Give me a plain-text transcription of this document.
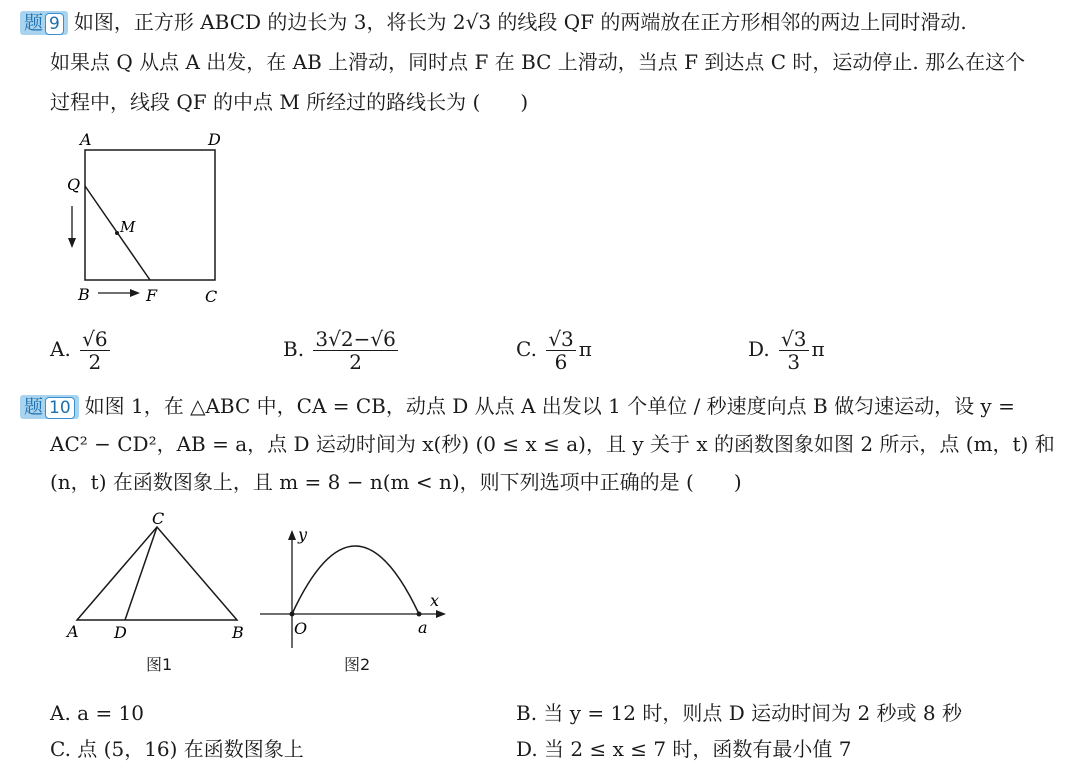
题 9 如图，正方形 ABCD 的边长为 3，将长为 2√3 的线段 QF 的两端放在正方形相邻的两边上同时滑动.
如果点 Q 从点 A 出发，在 AB 上滑动，同时点 F 在 BC 上滑动，当点 F 到达点 C 时，运动停止. 那么在这个
过程中，线段 QF 的中点 M 所经过的路线长为 (　　)
A	D
Q
M
B	F	C
A. $\frac{√6}{2}$	B. $\frac{3√2-√6}{2}$	C. $\frac{√3}{6}$ π	D. $\frac{√3}{3}$ π
题 10 如图 1，在 △ABC 中，CA = CB，动点 D 从点 A 出发以 1 个单位 / 秒速度向点 B 做匀速运动，设 y =
AC² − CD²，AB = a，点 D 运动时间为 x(秒) (0 ≤ x ≤ a)，且 y 关于 x 的函数图象如图 2 所示，点 (m，t) 和
(n，t) 在函数图象上，且 m = 8 − n(m < n)，则下列选项中正确的是 (　　)
C
A D	B
图1
y
x
O	a
图2
A. a = 10	B. 当 y = 12 时，则点 D 运动时间为 2 秒或 8 秒
C. 点 (5，16) 在函数图象上	D. 当 2 ≤ x ≤ 7 时，函数有最小值 7
